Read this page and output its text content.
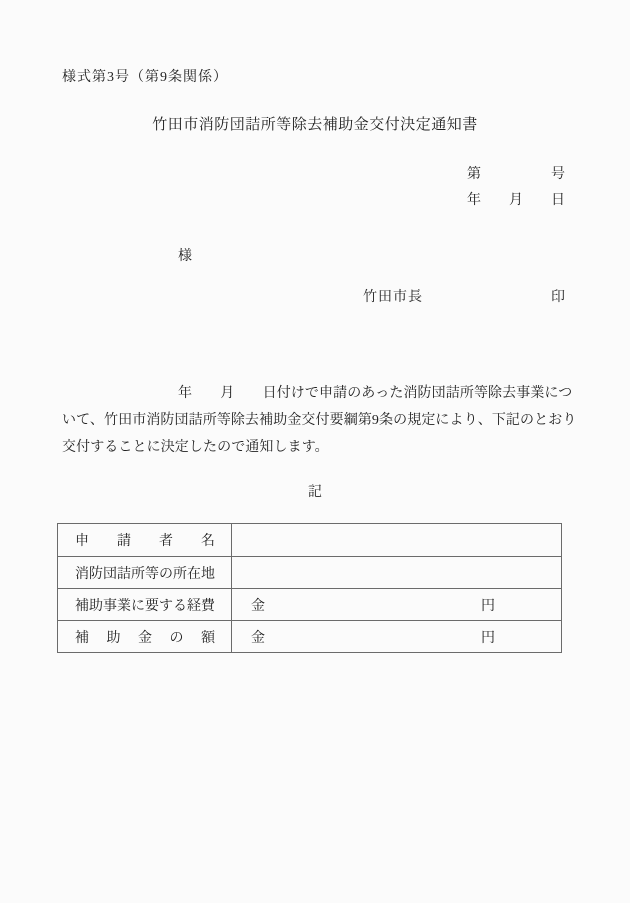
様式第3号（第9条関係）
竹田市消防団詰所等除去補助金交付決定通知書
第　　　　　号
年　　月　　日
様
竹田市長	印
年　　月　　日付けで申請のあった消防団詰所等除去事業につ
いて、竹田市消防団詰所等除去補助金交付要綱第9条の規定により、下記のとおり
交付することに決定したので通知します。
記
申請者名
消防団詰所等の所在地
補助事業に要する経費	金	円
補助金の額	金	円
